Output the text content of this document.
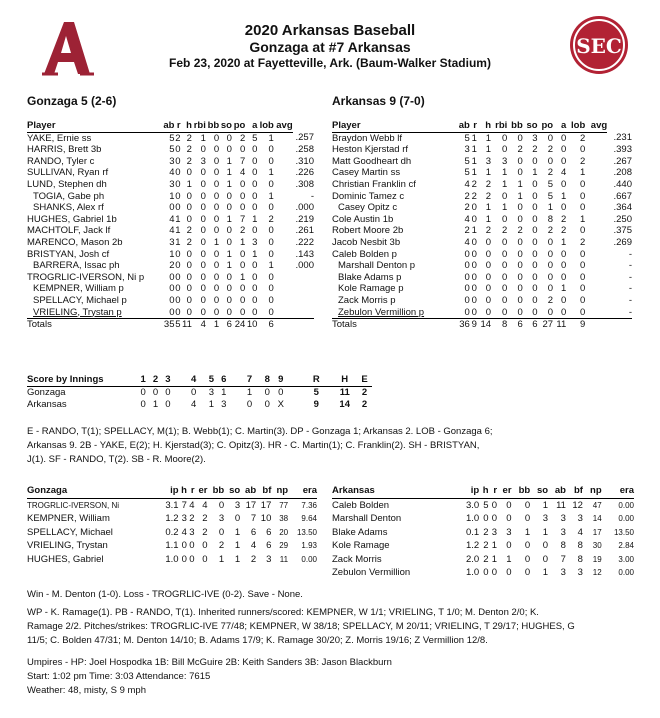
SEC
2020 Arkansas Baseball
Gonzaga at #7 Arkansas
Feb 23, 2020 at Fayetteville, Ark. (Baum-Walker Stadium)
Gonzaga 5 (2-6)	Arkansas 9 (7-0)
Player	ab	r	h	rbi	bb	so	po	a	lob	avg	
YAKE, Ernie ss	5	2	2	1	0	0	2	5	1		.257
HARRIS, Brett 3b	5	0	2	0	0	0	0	0	0		.258
RANDO, Tyler c	3	0	2	3	0	1	7	0	0		.310
SULLIVAN, Ryan rf	4	0	0	0	0	1	4	0	1		.226
LUND, Stephen dh	3	0	1	0	0	1	0	0	0		.308
TOGIA, Gabe ph	1	0	0	0	0	0	0	0	1		-
SHANKS, Alex rf	0	0	0	0	0	0	0	0	0		.000
HUGHES, Gabriel 1b	4	1	0	0	0	1	7	1	2		.219
MACHTOLF, Jack lf	4	1	2	0	0	0	2	0	0		.261
MARENCO, Mason 2b	3	1	2	0	1	0	1	3	0		.222
BRISTYAN, Josh cf	1	0	0	0	0	1	0	1	0		.143
BARRERA, Issac ph	2	0	0	0	0	1	0	0	1		.000
TROGRLIC-IVERSON, Ni p	0	0	0	0	0	0	1	0	0		
KEMPNER, William p	0	0	0	0	0	0	0	0	0		
SPELLACY, Michael p	0	0	0	0	0	0	0	0	0		
VRIELING, Trystan p	0	0	0	0	0	0	0	0	0		
Totals	35	5	11	4	1	6	24	10	6		
Player	ab	r	h	rbi	bb	so	po	a	lob	avg	
Braydon Webb lf	5	1	1	0	0	3	0	0	2		.231
Heston Kjerstad rf	3	1	1	0	2	2	2	0	0		.393
Matt Goodheart dh	5	1	3	3	0	0	0	0	2		.267
Casey Martin ss	5	1	1	1	0	1	2	4	1		.208
Christian Franklin cf	4	2	2	1	1	0	5	0	0		.440
Dominic Tamez c	2	2	2	0	1	0	5	1	0		.667
Casey Opitz c	2	0	1	1	0	0	1	0	0		.364
Cole Austin 1b	4	0	1	0	0	0	8	2	1		.250
Robert Moore 2b	2	1	2	2	2	0	2	2	0		.375
Jacob Nesbit 3b	4	0	0	0	0	0	0	1	2		.269
Caleb Bolden p	0	0	0	0	0	0	0	0	0		-
Marshall Denton p	0	0	0	0	0	0	0	0	0		-
Blake Adams p	0	0	0	0	0	0	0	0	0		-
Kole Ramage p	0	0	0	0	0	0	0	1	0		-
Zack Morris p	0	0	0	0	0	0	2	0	0		-
Zebulon Vermillion p	0	0	0	0	0	0	0	0	0		-
Totals	36	9	14	8	6	6	27	11	9		
Score by Innings	1	2	3	4	5	6	7	8	9	R	H	E
Gonzaga	0	0	0	0	3	1	1	0	0	5	11	2
Arkansas	0	1	0	4	1	3	0	0	X	9	14	2
E - RANDO, T(1); SPELLACY, M(1); B. Webb(1); C. Martin(3). DP - Gonzaga 1; Arkansas 2. LOB - Gonzaga 6;
Arkansas 9. 2B - YAKE, E(2); H. Kjerstad(3); C. Opitz(3). HR - C. Martin(1); C. Franklin(2). SH - BRISTYAN,
J(1). SF - RANDO, T(2). SB - R. Moore(2).
Gonzaga	ip	h	r	er	bb	so	ab	bf	np	era
TROGRLIC-IVERSON, Ni	3.1	7	4	4	0	3	17	17	77	7.36
KEMPNER, William	1.2	3	2	2	3	0	7	10	38	9.64
SPELLACY, Michael	0.2	4	3	2	0	1	6	6	20	13.50
VRIELING, Trystan	1.1	0	0	0	2	1	4	6	29	1.93
HUGHES, Gabriel	1.0	0	0	0	1	1	2	3	11	0.00
Arkansas	ip	h	r	er	bb	so	ab	bf	np	era
Caleb Bolden	3.0	5	0	0	0	1	11	12	47	0.00
Marshall Denton	1.0	0	0	0	0	3	3	3	14	0.00
Blake Adams	0.1	2	3	3	1	1	3	4	17	13.50
Kole Ramage	1.2	2	1	0	0	0	8	8	30	2.84
Zack Morris	2.0	2	1	1	0	0	7	8	19	3.00
Zebulon Vermillion	1.0	0	0	0	0	1	3	3	12	0.00
Win - M. Denton (1-0). Loss - TROGRLIC-IVE (0-2). Save - None.
WP - K. Ramage(1). PB - RANDO, T(1). Inherited runners/scored: KEMPNER, W 1/1; VRIELING, T 1/0; M. Denton 2/0; K.
Ramage 2/2. Pitches/strikes: TROGRLIC-IVE 77/48; KEMPNER, W 38/18; SPELLACY, M 20/11; VRIELING, T 29/17; HUGHES, G
11/5; C. Bolden 47/31; M. Denton 14/10; B. Adams 17/9; K. Ramage 30/20; Z. Morris 19/16; Z Vermillion 12/8.
Umpires - HP: Joel Hospodka 1B: Bill McGuire 2B: Keith Sanders 3B: Jason Blackburn
Start: 1:02 pm Time: 3:03 Attendance: 7615
Weather: 48, misty, S 9 mph
